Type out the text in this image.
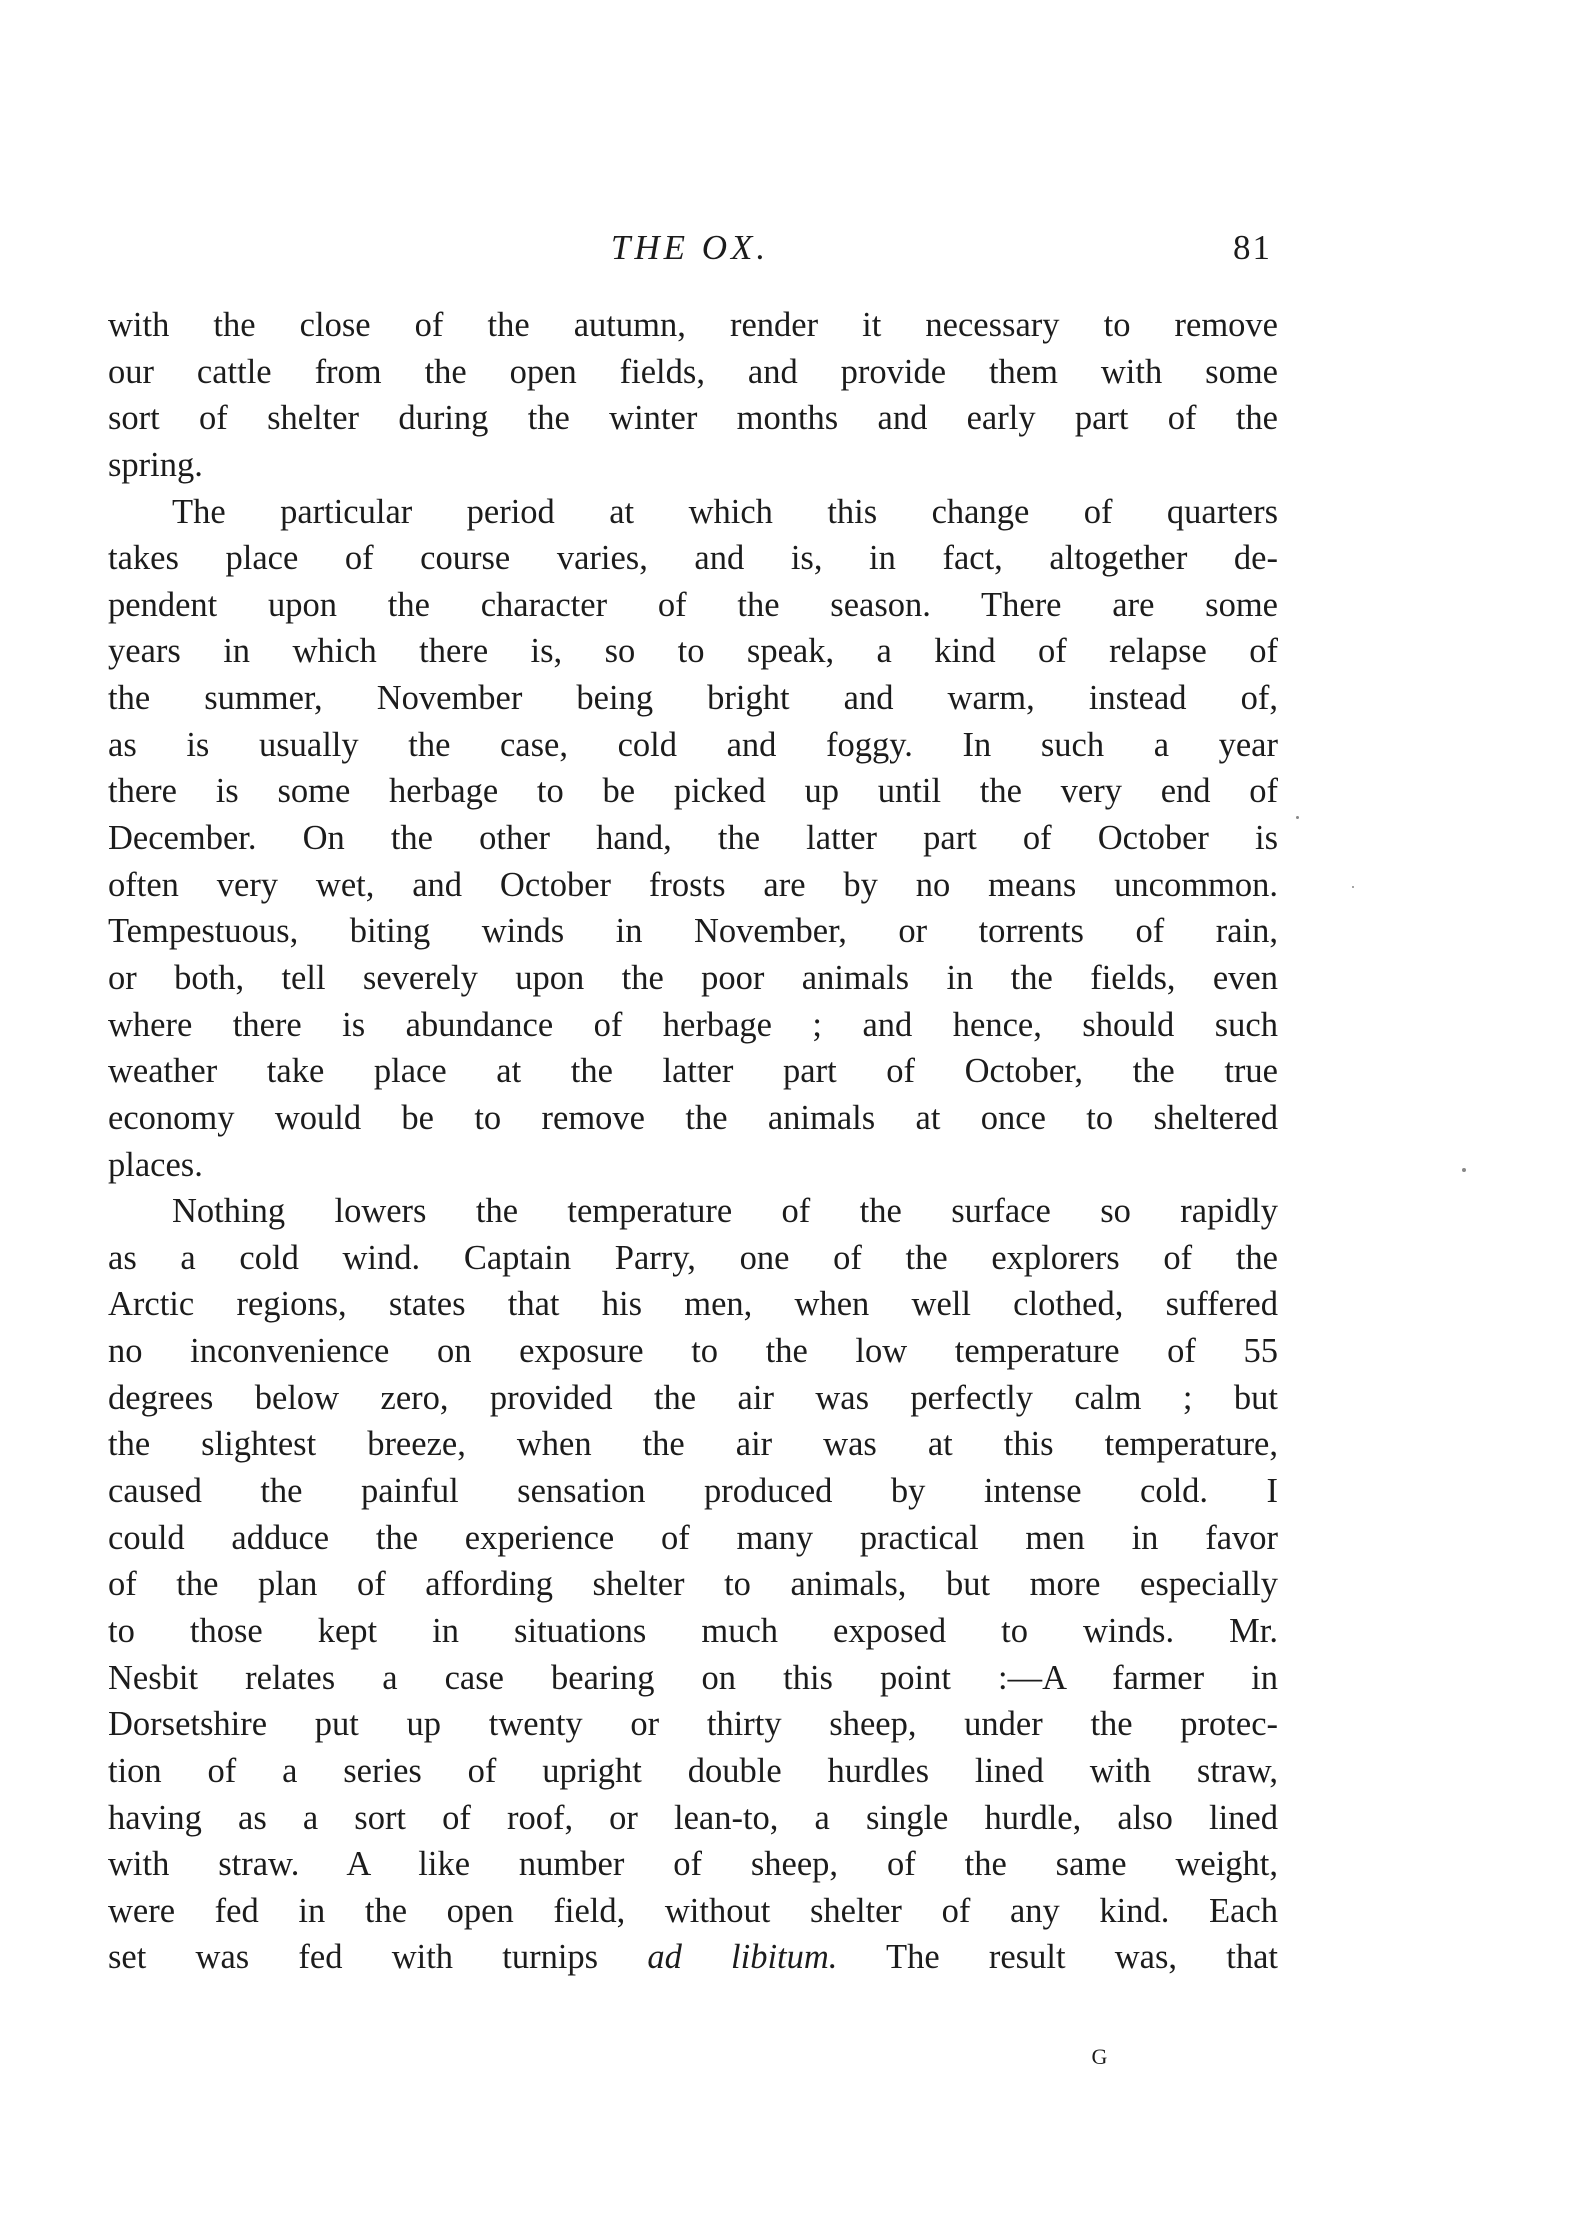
THE OX.	81
with the close of the autumn, render it necessary to remove
our cattle from the open fields, and provide them with some
sort of shelter during the winter months and early part of the
spring.
The particular period at which this change of quarters
takes place of course varies, and is, in fact, altogether de-
pendent upon the character of the season. There are some
years in which there is, so to speak, a kind of relapse of
the summer, November being bright and warm, instead of,
as is usually the case, cold and foggy. In such a year
there is some herbage to be picked up until the very end of
December. On the other hand, the latter part of October is
often very wet, and October frosts are by no means uncommon.
Tempestuous, biting winds in November, or torrents of rain,
or both, tell severely upon the poor animals in the fields, even
where there is abundance of herbage ; and hence, should such
weather take place at the latter part of October, the true
economy would be to remove the animals at once to sheltered
places.
Nothing lowers the temperature of the surface so rapidly
as a cold wind. Captain Parry, one of the explorers of the
Arctic regions, states that his men, when well clothed, suffered
no inconvenience on exposure to the low temperature of 55
degrees below zero, provided the air was perfectly calm ; but
the slightest breeze, when the air was at this temperature,
caused the painful sensation produced by intense cold. I
could adduce the experience of many practical men in favor
of the plan of affording shelter to animals, but more especially
to those kept in situations much exposed to winds. Mr.
Nesbit relates a case bearing on this point :—A farmer in
Dorsetshire put up twenty or thirty sheep, under the protec-
tion of a series of upright double hurdles lined with straw,
having as a sort of roof, or lean-to, a single hurdle, also lined
with straw. A like number of sheep, of the same weight,
were fed in the open field, without shelter of any kind. Each
set was fed with turnips ad libitum. The result was, that
G
